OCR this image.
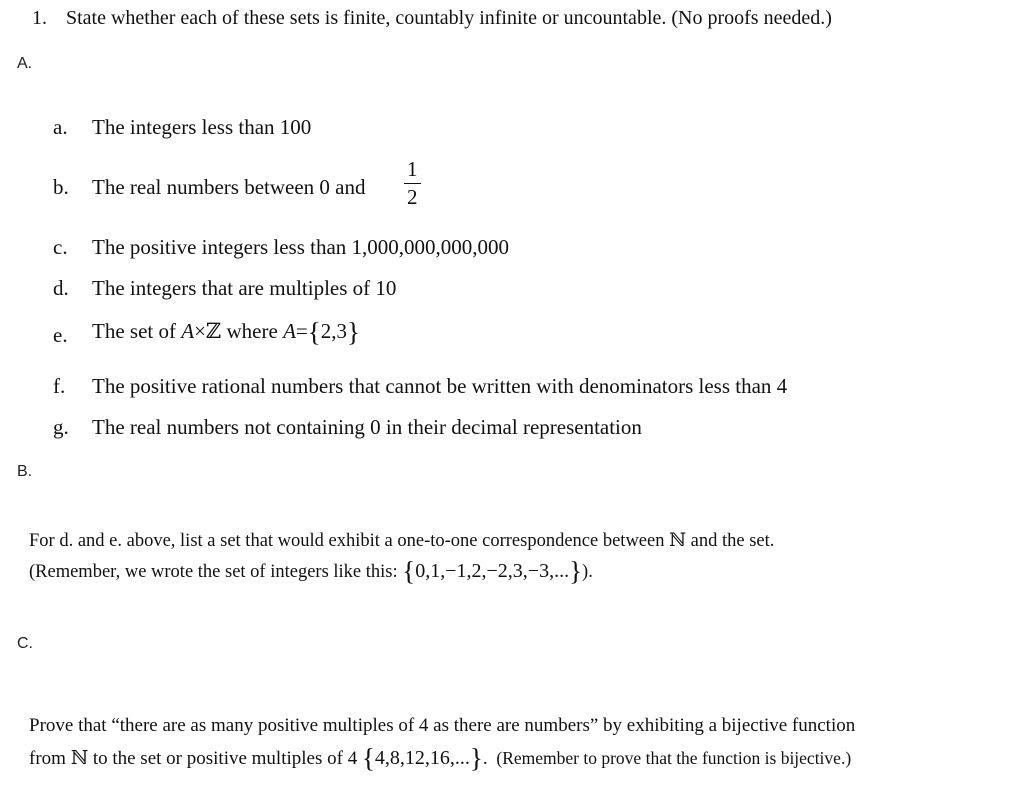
1. State whether each of these sets is finite, countably infinite or uncountable. (No proofs needed.)
A.
a. The integers less than 100
b. The real numbers between 0 and
1
2
c. The positive integers less than 1,000,000,000,000
d. The integers that are multiples of 10
e. The set of A×ℤ where A={2,3}
f. The positive rational numbers that cannot be written with denominators less than 4
g. The real numbers not containing 0 in their decimal representation
B.
For d. and e. above, list a set that would exhibit a one-to-one correspondence between ℕ and the set.
(Remember, we wrote the set of integers like this: {0,1,−1,2,−2,3,−3,...}).
C.
Prove that “there are as many positive multiples of 4 as there are numbers” by exhibiting a bijective function
from ℕ to the set or positive multiples of 4 {4,8,12,16,...}. (Remember to prove that the function is bijective.)
